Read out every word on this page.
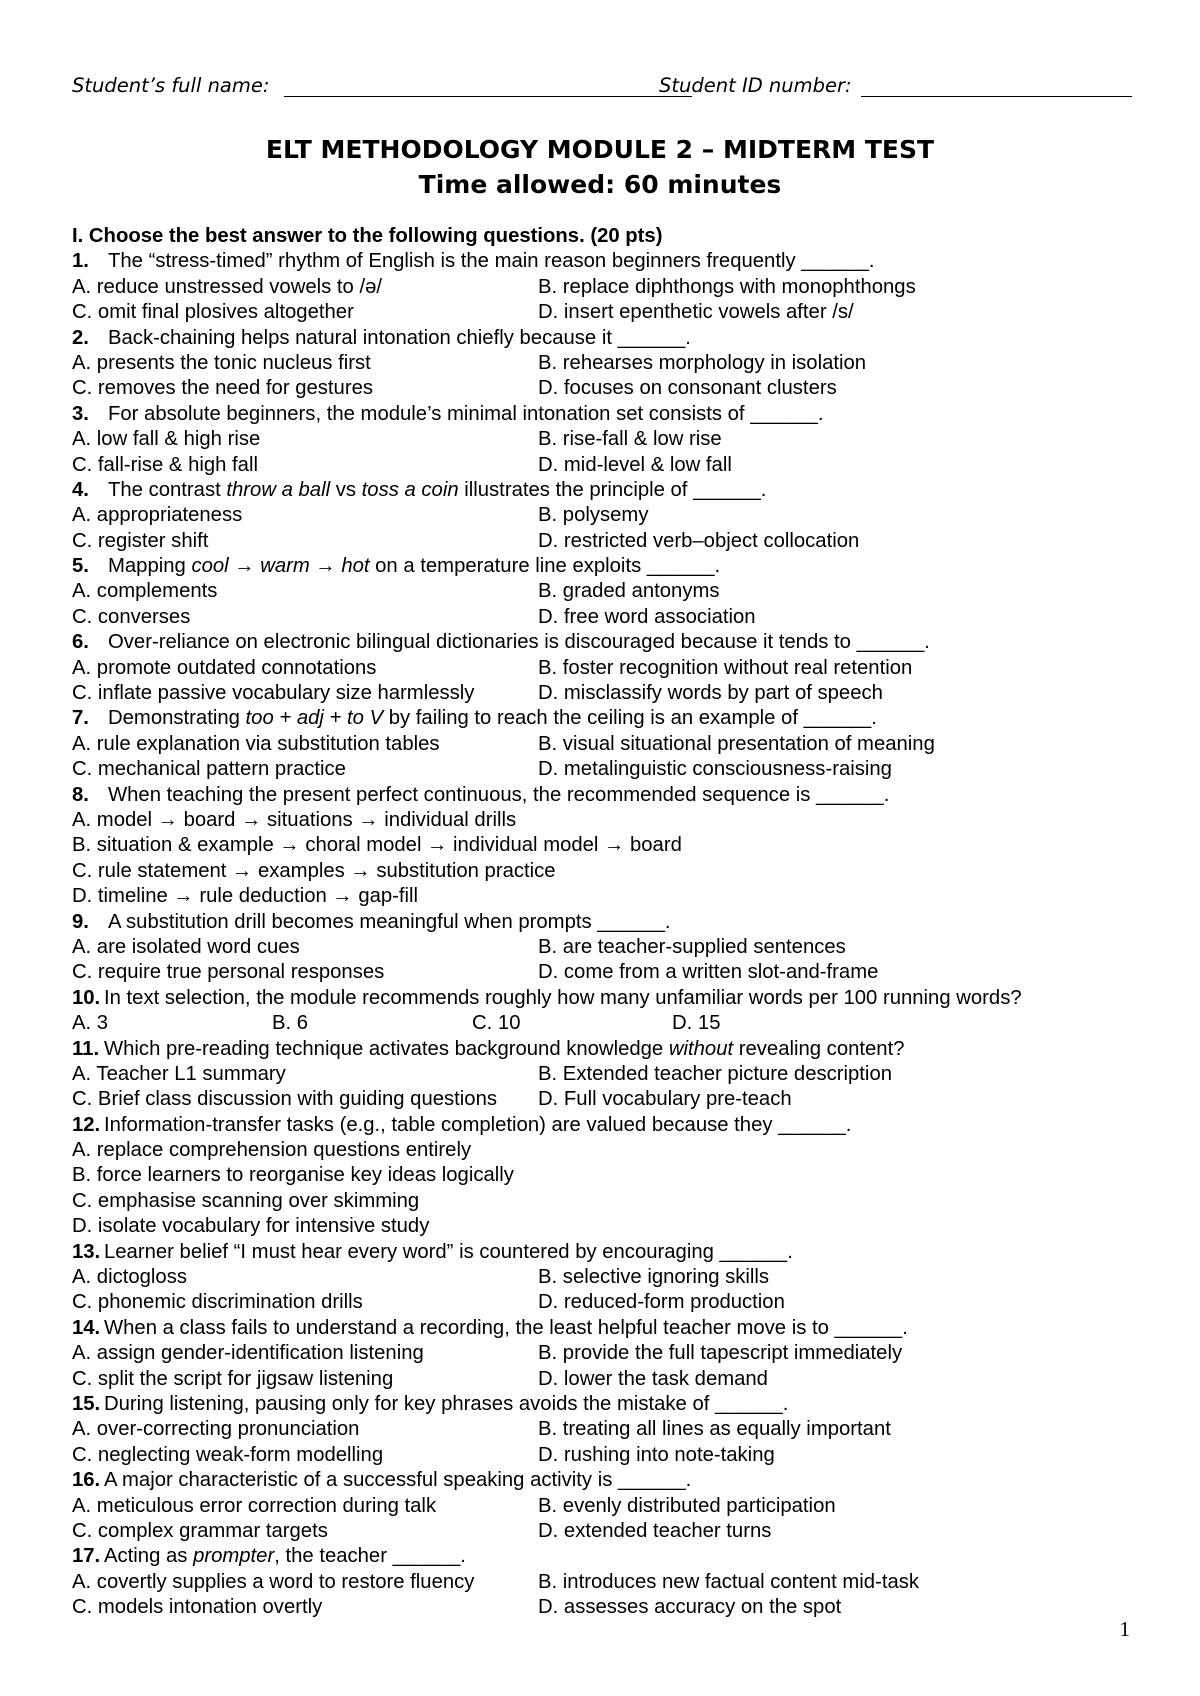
Student’s full name:	Student ID number:
ELT METHODOLOGY MODULE 2 – MIDTERM TEST
Time allowed: 60 minutes
I. Choose the best answer to the following questions. (20 pts)
1. The “stress-timed” rhythm of English is the main reason beginners frequently ______.
A. reduce unstressed vowels to /ə/	B. replace diphthongs with monophthongs
C. omit final plosives altogether	D. insert epenthetic vowels after /s/
2. Back-chaining helps natural intonation chiefly because it ______.
A. presents the tonic nucleus first	B. rehearses morphology in isolation
C. removes the need for gestures	D. focuses on consonant clusters
3. For absolute beginners, the module’s minimal intonation set consists of ______.
A. low fall & high rise	B. rise-fall & low rise
C. fall-rise & high fall	D. mid-level & low fall
4. The contrast throw a ball vs toss a coin illustrates the principle of ______.
A. appropriateness	B. polysemy
C. register shift	D. restricted verb–object collocation
5. Mapping cool → warm → hot on a temperature line exploits ______.
A. complements	B. graded antonyms
C. converses	D. free word association
6. Over-reliance on electronic bilingual dictionaries is discouraged because it tends to ______.
A. promote outdated connotations	B. foster recognition without real retention
C. inflate passive vocabulary size harmlessly	D. misclassify words by part of speech
7. Demonstrating too + adj + to V by failing to reach the ceiling is an example of ______.
A. rule explanation via substitution tables	B. visual situational presentation of meaning
C. mechanical pattern practice	D. metalinguistic consciousness-raising
8. When teaching the present perfect continuous, the recommended sequence is ______.
A. model → board → situations → individual drills
B. situation & example → choral model → individual model → board
C. rule statement → examples → substitution practice
D. timeline → rule deduction → gap-fill
9. A substitution drill becomes meaningful when prompts ______.
A. are isolated word cues	B. are teacher-supplied sentences
C. require true personal responses	D. come from a written slot-and-frame
10. In text selection, the module recommends roughly how many unfamiliar words per 100 running words?
A. 3	B. 6	C. 10	D. 15
11. Which pre-reading technique activates background knowledge without revealing content?
A. Teacher L1 summary	B. Extended teacher picture description
C. Brief class discussion with guiding questions D. Full vocabulary pre-teach
12. Information-transfer tasks (e.g., table completion) are valued because they ______.
A. replace comprehension questions entirely
B. force learners to reorganise key ideas logically
C. emphasise scanning over skimming
D. isolate vocabulary for intensive study
13. Learner belief “I must hear every word” is countered by encouraging ______.
A. dictogloss	B. selective ignoring skills
C. phonemic discrimination drills	D. reduced-form production
14. When a class fails to understand a recording, the least helpful teacher move is to ______.
A. assign gender-identification listening	B. provide the full tapescript immediately
C. split the script for jigsaw listening	D. lower the task demand
15. During listening, pausing only for key phrases avoids the mistake of ______.
A. over-correcting pronunciation	B. treating all lines as equally important
C. neglecting weak-form modelling	D. rushing into note-taking
16. A major characteristic of a successful speaking activity is ______.
A. meticulous error correction during talk	B. evenly distributed participation
C. complex grammar targets	D. extended teacher turns
17. Acting as prompter, the teacher ______.
A. covertly supplies a word to restore fluency	B. introduces new factual content mid-task
C. models intonation overtly	D. assesses accuracy on the spot
1
